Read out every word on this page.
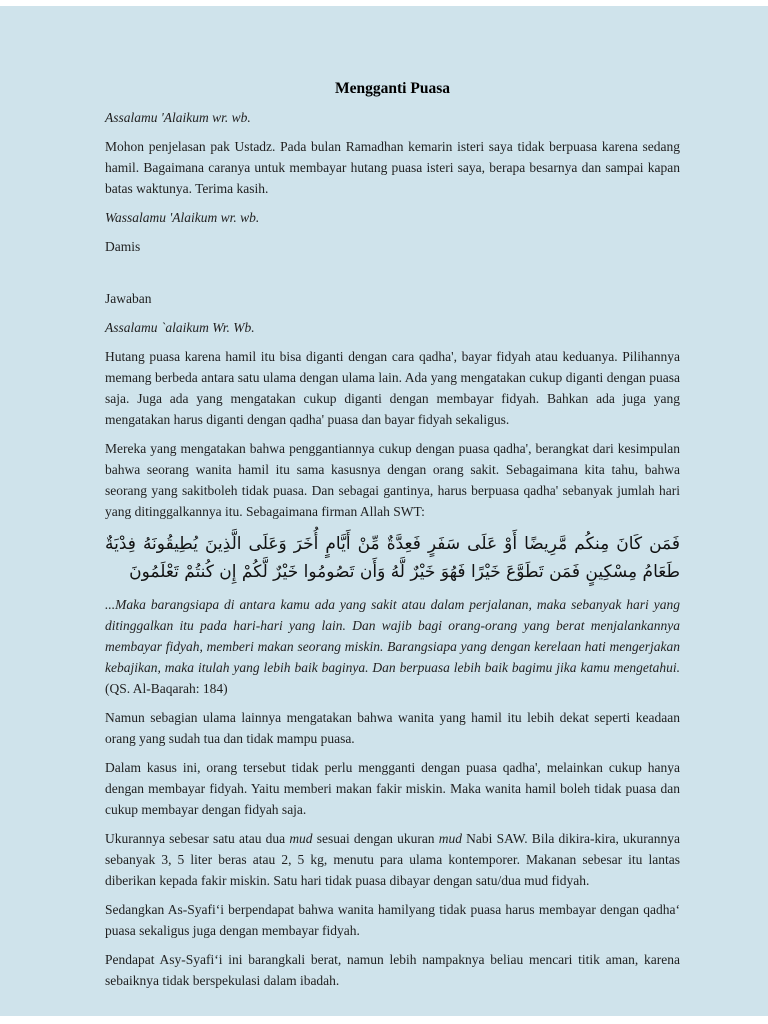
Mengganti Puasa

Assalamu 'Alaikum wr. wb.

Mohon penjelasan pak Ustadz. Pada bulan Ramadhan kemarin isteri saya tidak berpuasa karena sedang hamil. Bagaimana caranya untuk membayar hutang puasa isteri saya, berapa besarnya dan sampai kapan batas waktunya. Terima kasih.

Wassalamu 'Alaikum wr. wb.

Damis

Jawaban

Assalamu `alaikum Wr. Wb.

Hutang puasa karena hamil itu bisa diganti dengan cara qadha', bayar fidyah atau keduanya. Pilihannya memang berbeda antara satu ulama dengan ulama lain. Ada yang mengatakan cukup diganti dengan puasa saja. Juga ada yang mengatakan cukup diganti dengan membayar fidyah. Bahkan ada juga yang mengatakan harus diganti dengan qadha' puasa dan bayar fidyah sekaligus.

Mereka yang mengatakan bahwa penggantiannya cukup dengan puasa qadha', berangkat dari kesimpulan bahwa seorang wanita hamil itu sama kasusnya dengan orang sakit. Sebagaimana kita tahu, bahwa seorang yang sakitboleh tidak puasa. Dan sebagai gantinya, harus berpuasa qadha' sebanyak jumlah hari yang ditinggalkannya itu. Sebagaimana firman Allah SWT:

فَمَن كَانَ مِنكُم مَّرِيضًا أَوْ عَلَى سَفَرٍ فَعِدَّةٌ مِّنْ أَيَّامٍ أُخَرَ وَعَلَى الَّذِينَ يُطِيقُونَهُ فِدْيَةٌ طَعَامُ مِسْكِينٍ فَمَن تَطَوَّعَ خَيْرًا فَهُوَ خَيْرٌ لَّهُ وَأَن تَصُومُوا خَيْرٌ لَّكُمْ إِن كُنتُمْ تَعْلَمُونَ

...Maka barangsiapa di antara kamu ada yang sakit atau dalam perjalanan, maka sebanyak hari yang ditinggalkan itu pada hari-hari yang lain. Dan wajib bagi orang-orang yang berat menjalankannya membayar fidyah, memberi makan seorang miskin. Barangsiapa yang dengan kerelaan hati mengerjakan kebajikan, maka itulah yang lebih baik baginya. Dan berpuasa lebih baik bagimu jika kamu mengetahui. (QS. Al-Baqarah: 184)

Namun sebagian ulama lainnya mengatakan bahwa wanita yang hamil itu lebih dekat seperti keadaan orang yang sudah tua dan tidak mampu puasa.

Dalam kasus ini, orang tersebut tidak perlu mengganti dengan puasa qadha', melainkan cukup hanya dengan membayar fidyah. Yaitu memberi makan fakir miskin. Maka wanita hamil boleh tidak puasa dan cukup membayar dengan fidyah saja.

Ukurannya sebesar satu atau dua mud sesuai dengan ukuran mud Nabi SAW. Bila dikira-kira, ukurannya sebanyak 3, 5 liter beras atau 2, 5 kg, menutu para ulama kontemporer. Makanan sebesar itu lantas diberikan kepada fakir miskin. Satu hari tidak puasa dibayar dengan satu/dua mud fidyah.

Sedangkan As-Syafi‘i berpendapat bahwa wanita hamilyang tidak puasa harus membayar dengan qadha‘ puasa sekaligus juga dengan membayar fidyah.

Pendapat Asy-Syafi‘i ini barangkali berat, namun lebih nampaknya beliau mencari titik aman, karena sebaiknya tidak berspekulasi dalam ibadah.
